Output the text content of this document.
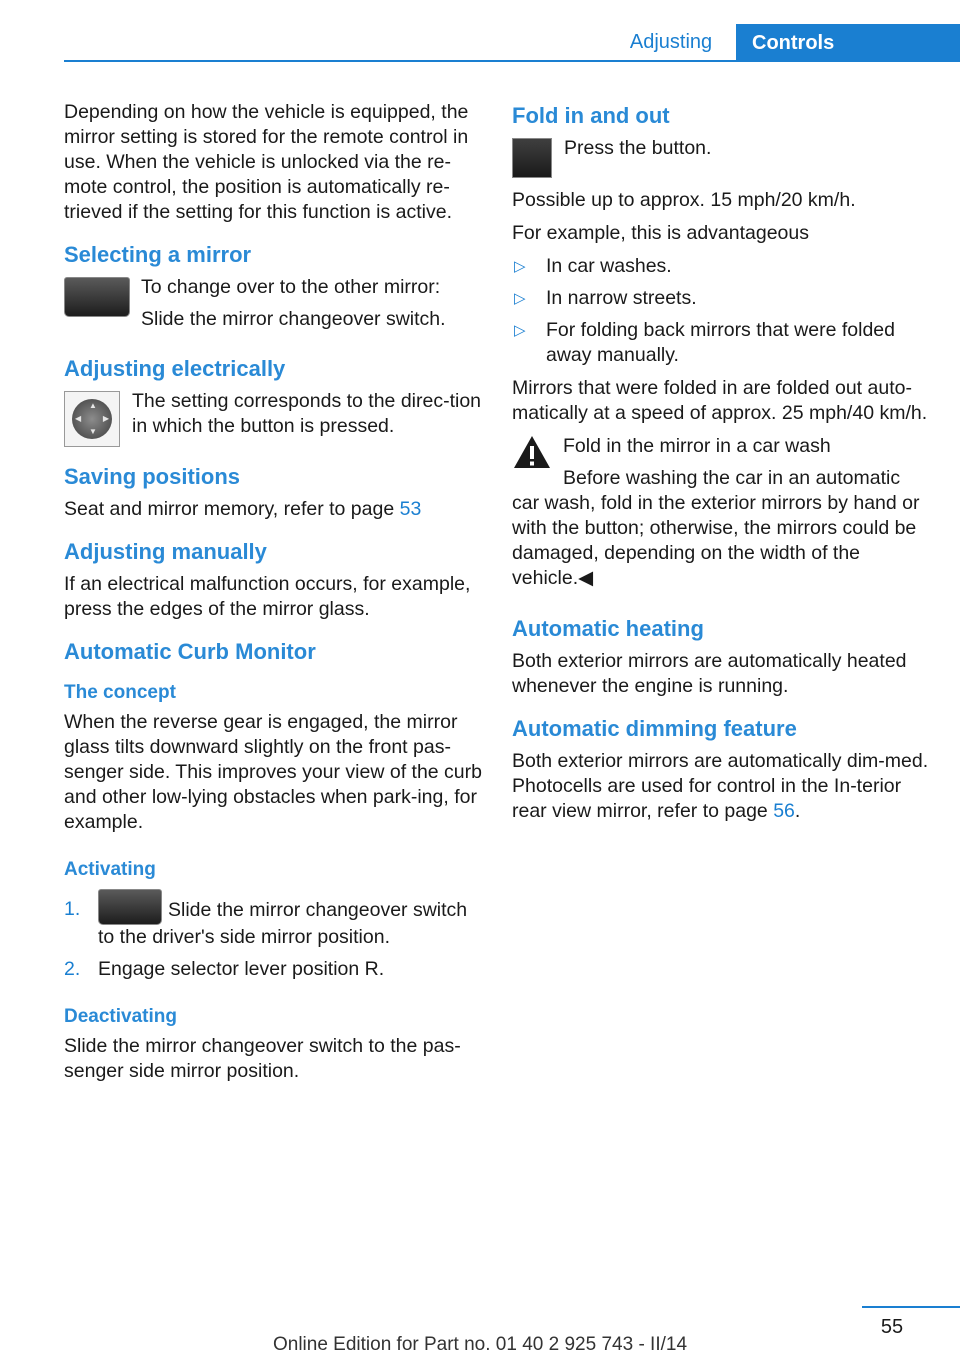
Adjusting	Controls

Depending on how the vehicle is equipped, the mirror setting is stored for the remote control in use. When the vehicle is unlocked via the re-mote control, the position is automatically re-trieved if the setting for this function is active.

Selecting a mirror

To change over to the other mirror:

Slide the mirror changeover switch.

Adjusting electrically
▲
▼
◀	▶

The setting corresponds to the direc-tion in which the button is pressed.

Saving positions

Seat and mirror memory, refer to page 53

Adjusting manually

If an electrical malfunction occurs, for example, press the edges of the mirror glass.

Automatic Curb Monitor
The concept

When the reverse gear is engaged, the mirror glass tilts downward slightly on the front pas-senger side. This improves your view of the curb and other low-lying obstacles when park-ing, for example.

Activating
1.	Slide the mirror changeover switch to the driver's side mirror position.
2. Engage selector lever position R.
Deactivating

Slide the mirror changeover switch to the pas-senger side mirror position.

Fold in and out

Press the button.

Possible up to approx. 15 mph/20 km/h.

For example, this is advantageous

▷ In car washes.
▷ In narrow streets.
▷ For folding back mirrors that were folded away manually.

Mirrors that were folded in are folded out auto-matically at a speed of approx. 25 mph/40 km/h.

Fold in the mirror in a car wash

Before washing the car in an automatic

car wash, fold in the exterior mirrors by hand or with the button; otherwise, the mirrors could be damaged, depending on the width of the vehicle.◀

Automatic heating

Both exterior mirrors are automatically heated whenever the engine is running.

Automatic dimming feature

Both exterior mirrors are automatically dim-med. Photocells are used for control in the In-terior rear view mirror, refer to page 56.

55
Online Edition for Part no. 01 40 2 925 743 - II/14
